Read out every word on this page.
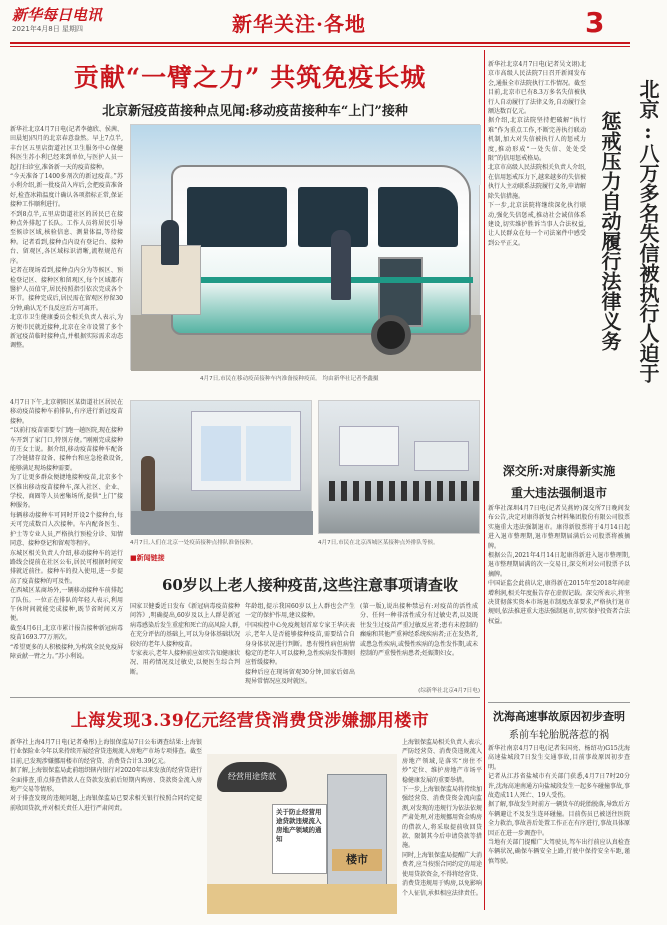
新华每日电讯
2021年4月8日 星期四	新华关注·各地	3
贡献“一臂之力” 共筑免疫长城
北京新冠疫苗接种点见闻:移动疫苗接种车“上门”接种
新华社北京4月7日电(记者李德欣、侯茜、田晨旭)四月的北京春意盎然。早上7点半,丰台区五里店街道社区卫生服务中心保健科医生苏小利已经来到单位,与医护人员一起打扫诊室,准备新一天的疫苗接种。
“今天准备了1400多剂次的新冠疫苗。”苏小利介绍,新一批疫苗入库后,会把疫苗准备好,检查冰箱温度计确认各项指标正常,保证接种工作顺利进行。
不到8点半,五里店街道社区的居民已在接种点外排起了长队。工作人员将居民引导至候诊区域,核验信息、测量体温,等待接种。记者看到,接种点内设有登记台、接种台、留观区,各区域标识清晰,流程规范有序。
记者在现场看到,接种点内分为等候区、预检登记区、接种区和留观区,每个区域都有醫护人员值守,居民按照指引依次完成各个环节。接种完成后,居民需在留观区停留30分钟,确认无不良反应后方可离开。
北京市卫生健康委员会相关负责人表示,为方便市民就近接种,北京在全市设置了多个新冠疫苗临时接种点,并根据实际需求动态调整。
4月7日,市民在移动疫苗接种车内准备接种疫苗。 均由新华社记者李鑫摄
4月7日,人们在北京一处疫苗接种点排队准备接种。	4月7日,市民在北京西城区某接种点外排队等候。
■新闻链接
60岁以上老人接种疫苗,这些注意事项请查收
国家卫健委近日发布《新冠病毒疫苗接种问答》,明确提出,60岁及以上人群是新冠病毒感染后发生重症和死亡的高风险人群,在充分评估的基础上,可以为身体基础状况较好的老年人接种疫苗。
专家表示,老年人接种前应如实告知健康状况、用药情况及过敏史,以便医生综合判断。
年龄组,提示我国60岁以上人群也会产生一定的保护作用,建议接种。
中国疾控中心免疫规划首席专家王华庆表示,老年人是否能够接种疫苗,需要结合自身身体状况进行判断。患有慢性病但病情稳定的老年人可以接种,急性疾病发作期则应暂缓接种。
接种后应在现场留观30分钟,回家后如出现异常情况应及时就医。
(第一版),说出接种禁忌有:对疫苗的活性成分、任何一种非活性成分有过敏史者,以及既往发生过疫苗严重过敏反应者;患有未控制的癫痫和其他严重神经系统疾病者;正在发热者,或患急性疾病,或慢性疾病的急性发作期,或未控制的严重慢性病患者;妊娠期妇女。
(综新华社北京4月7日电)
新华社北京4月7日电(记者吴文诩)北京市高级人民法院7日召开新闻发布会,通报全市法院执行工作情况。截至目前,北京市已有8.3万多名失信被执行人自动履行了法律义务,自动履行金额达数百亿元。
据介绍,北京法院坚持把破解“执行难”作为重点工作,不断完善执行联动机制,加大对失信被执行人的惩戒力度,推动形成“一处失信、处处受限”的信用惩戒格局。
北京市高级人民法院相关负责人介绍,在信用惩戒压力下,越来越多的失信被执行人主动联系法院履行义务,申请解除失信措施。
下一步,北京法院将继续深化执行联动,强化失信惩戒,推动社会诚信体系建设,切实维护胜诉当事人合法权益,让人民群众在每一个司法案件中感受到公平正义。	北京:八万多名失信被执行人迫于惩戒压力自动履行法律义务
深交所:对康得新实施
重大违法强制退市
新华社深圳4月7日电(记者吴燕婷)深交所7日晚间发布公告,决定对康得新复合材料集团股份有限公司股票实施重大违法强制退市。康得新股票将于4月14日起进入退市整理期,退市整理期届满后公司股票将被摘牌。
根据公告,2021年4月14日起康得新进入退市整理期,退市整理期届满的次一交易日,深交所对公司股票予以摘牌。
中国证监会此前认定,康得新在2015年至2018年间虚增利润,相关年度报告存在虚假记载。深交所表示,将坚决贯彻落实资本市场退市制度改革要求,严格执行退市规则,依法推进重大违法强制退市,切实保护投资者合法权益。
沈海高速事故原因初步查明
系前车轮胎脱落惹的祸
新华社南京4月7日电(记者朱国亮、杨绍功)G15沈海高速盐城段7日发生交通事故,目前事故原因初步查明。
记者从江苏省盐城市有关部门获悉,4月7日7时20分许,沈海高速南通方向盐城段发生一起多车碰撞事故,事故造成11人死亡、19人受伤。
据了解,事故发生时前方一辆货车的轮胎脱落,导致后方车辆避让不及发生连环碰撞。目前伤员已被送往医院全力救治,事故善后处置工作正在有序进行,事故具体原因正在进一步调查中。
当地有关部门提醒广大驾驶员,驾车出行前应认真检查车辆状况,确保车辆安全上路,行驶中保持安全车距,谨慎驾驶。
上海发现3.39亿元经营贷消费贷涉嫌挪用楼市
新华社上海4月7日电(记者桑彤)上海银保监局7日公布调查结果:上海银行业保险业今年以来持续开展经营贷违规流入房地产市场专项排查。截至目前,已发现涉嫌挪用楼市的经营贷、消费贷合计3.39亿元。
据了解,上海银保监局此前组织辖内银行对2020年以来发放的经营贷进行全面排查,重点排查借款人在贷款发放前后短期内购房、贷款资金流入房地产交易等情形。
对于排查发现的违规问题,上海银保监局已要求相关银行按照合同约定提前收回贷款,并对相关责任人进行严肃问责。
楼市
经营用途贷款
关于防止经营用途贷款违规流入房地产领域的通知
上海银保监局相关负责人表示,严防经营贷、消费贷违规流入房地产领域,是落实“房住不炒”定位、维护房地产市场平稳健康发展的重要举措。
下一步,上海银保监局将持续加强经营贷、消费贷资金流向监测,对发现的违规行为依法依规严肃处理,对违规挪用资金购房的借款人,将采取提前收回贷款、限制其今后申请贷款等措施。
同时,上海银保监局提醒广大消费者,应当按照合同约定的用途使用贷款资金,不得将经营贷、消费贷违规用于购房,以免影响个人征信,承担相应法律责任。
4月7日下午,北京朝阳区某街道社区居民在移动疫苗接种车前排队,有序进行新冠疫苗接种。
“以前打疫苗需要专门跑一趟医院,现在接种车开到了家门口,特别方便。”刚刚完成接种的王女士说。据介绍,移动疫苗接种车配备了冷链储存设备、接种台和应急抢救设备,能够满足现场接种需要。
为了让更多群众便捷地接种疫苗,北京多个区推出移动疫苗接种车,深入社区、企业、学校、商圈等人员密集场所,提供“上门”接种服务。
每辆移动接种车可同时开设2个接种台,每天可完成数百人次接种。车内配备医生、护士等专业人员,严格执行预检分诊、知情同意、接种登记和留观等程序。
东城区相关负责人介绍,移动接种车的运行路线会提前在社区公布,居民可根据时间安排就近前往。接种车的投入使用,进一步提高了疫苗接种的可及性。
在西城区某商场外,一辆移动接种车前排起了队伍。一位正在排队的年轻人表示,利用午休时间就能完成接种,既节省时间又方便。
截至4月6日,北京市累计报告接种新冠病毒疫苗1693.77万剂次。
“希望更多的人积极接种,为构筑全民免疫屏障贡献一臂之力。”苏小利说。
